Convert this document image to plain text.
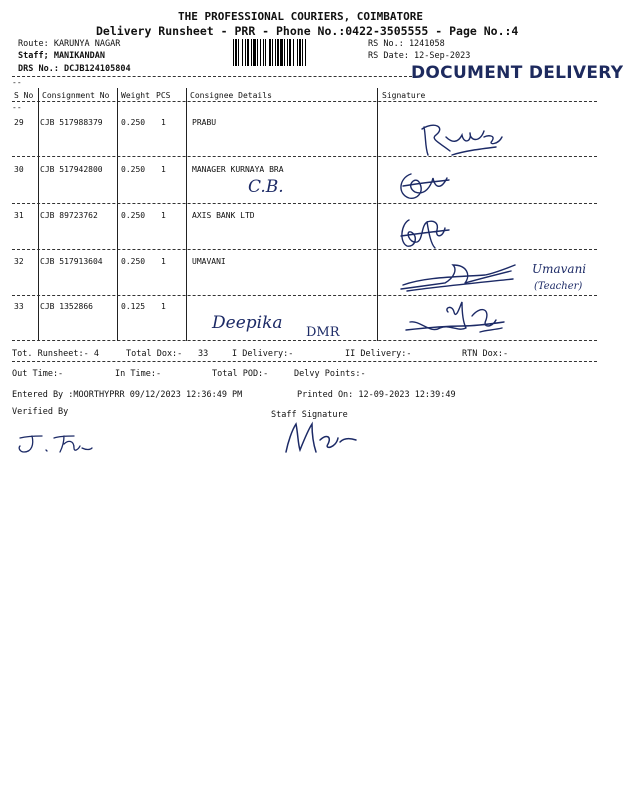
THE PROFESSIONAL COURIERS, COIMBATORE
Delivery Runsheet - PRR - Phone No.:0422-3505555 - Page No.:4
Route: KARUNYA NAGAR
Staff; MANIKANDAN
DRS No.: DCJB124105804
RS No.: 1241058
RS Date: 12-Sep-2023
DOCUMENT DELIVERY
--
S No Consignment No Weight PCS Consignee Details	Signature
--
29 CJB 517988379 0.250 1	PRABU
30 CJB 517942800 0.250 1	MANAGER KURNAYA BRA
C.B.
31 CJB 89723762	0.250 1	AXIS BANK LTD
32 CJB 517913604 0.250 1	UMAVANI
33 CJB 1352866	0.125 1
Deepika DMR
Umavani
(Teacher)
Tot. Runsheet:- 4	Total Dox:- 33	I Delivery:-	II Delivery:-	RTN Dox:-
Out Time:-	In Time:-	Total POD:-	Delvy Points:-
Entered By :MOORTHYPRR 09/12/2023 12:36:49 PM	Printed On: 12-09-2023 12:39:49
Verified By	Staff Signature
